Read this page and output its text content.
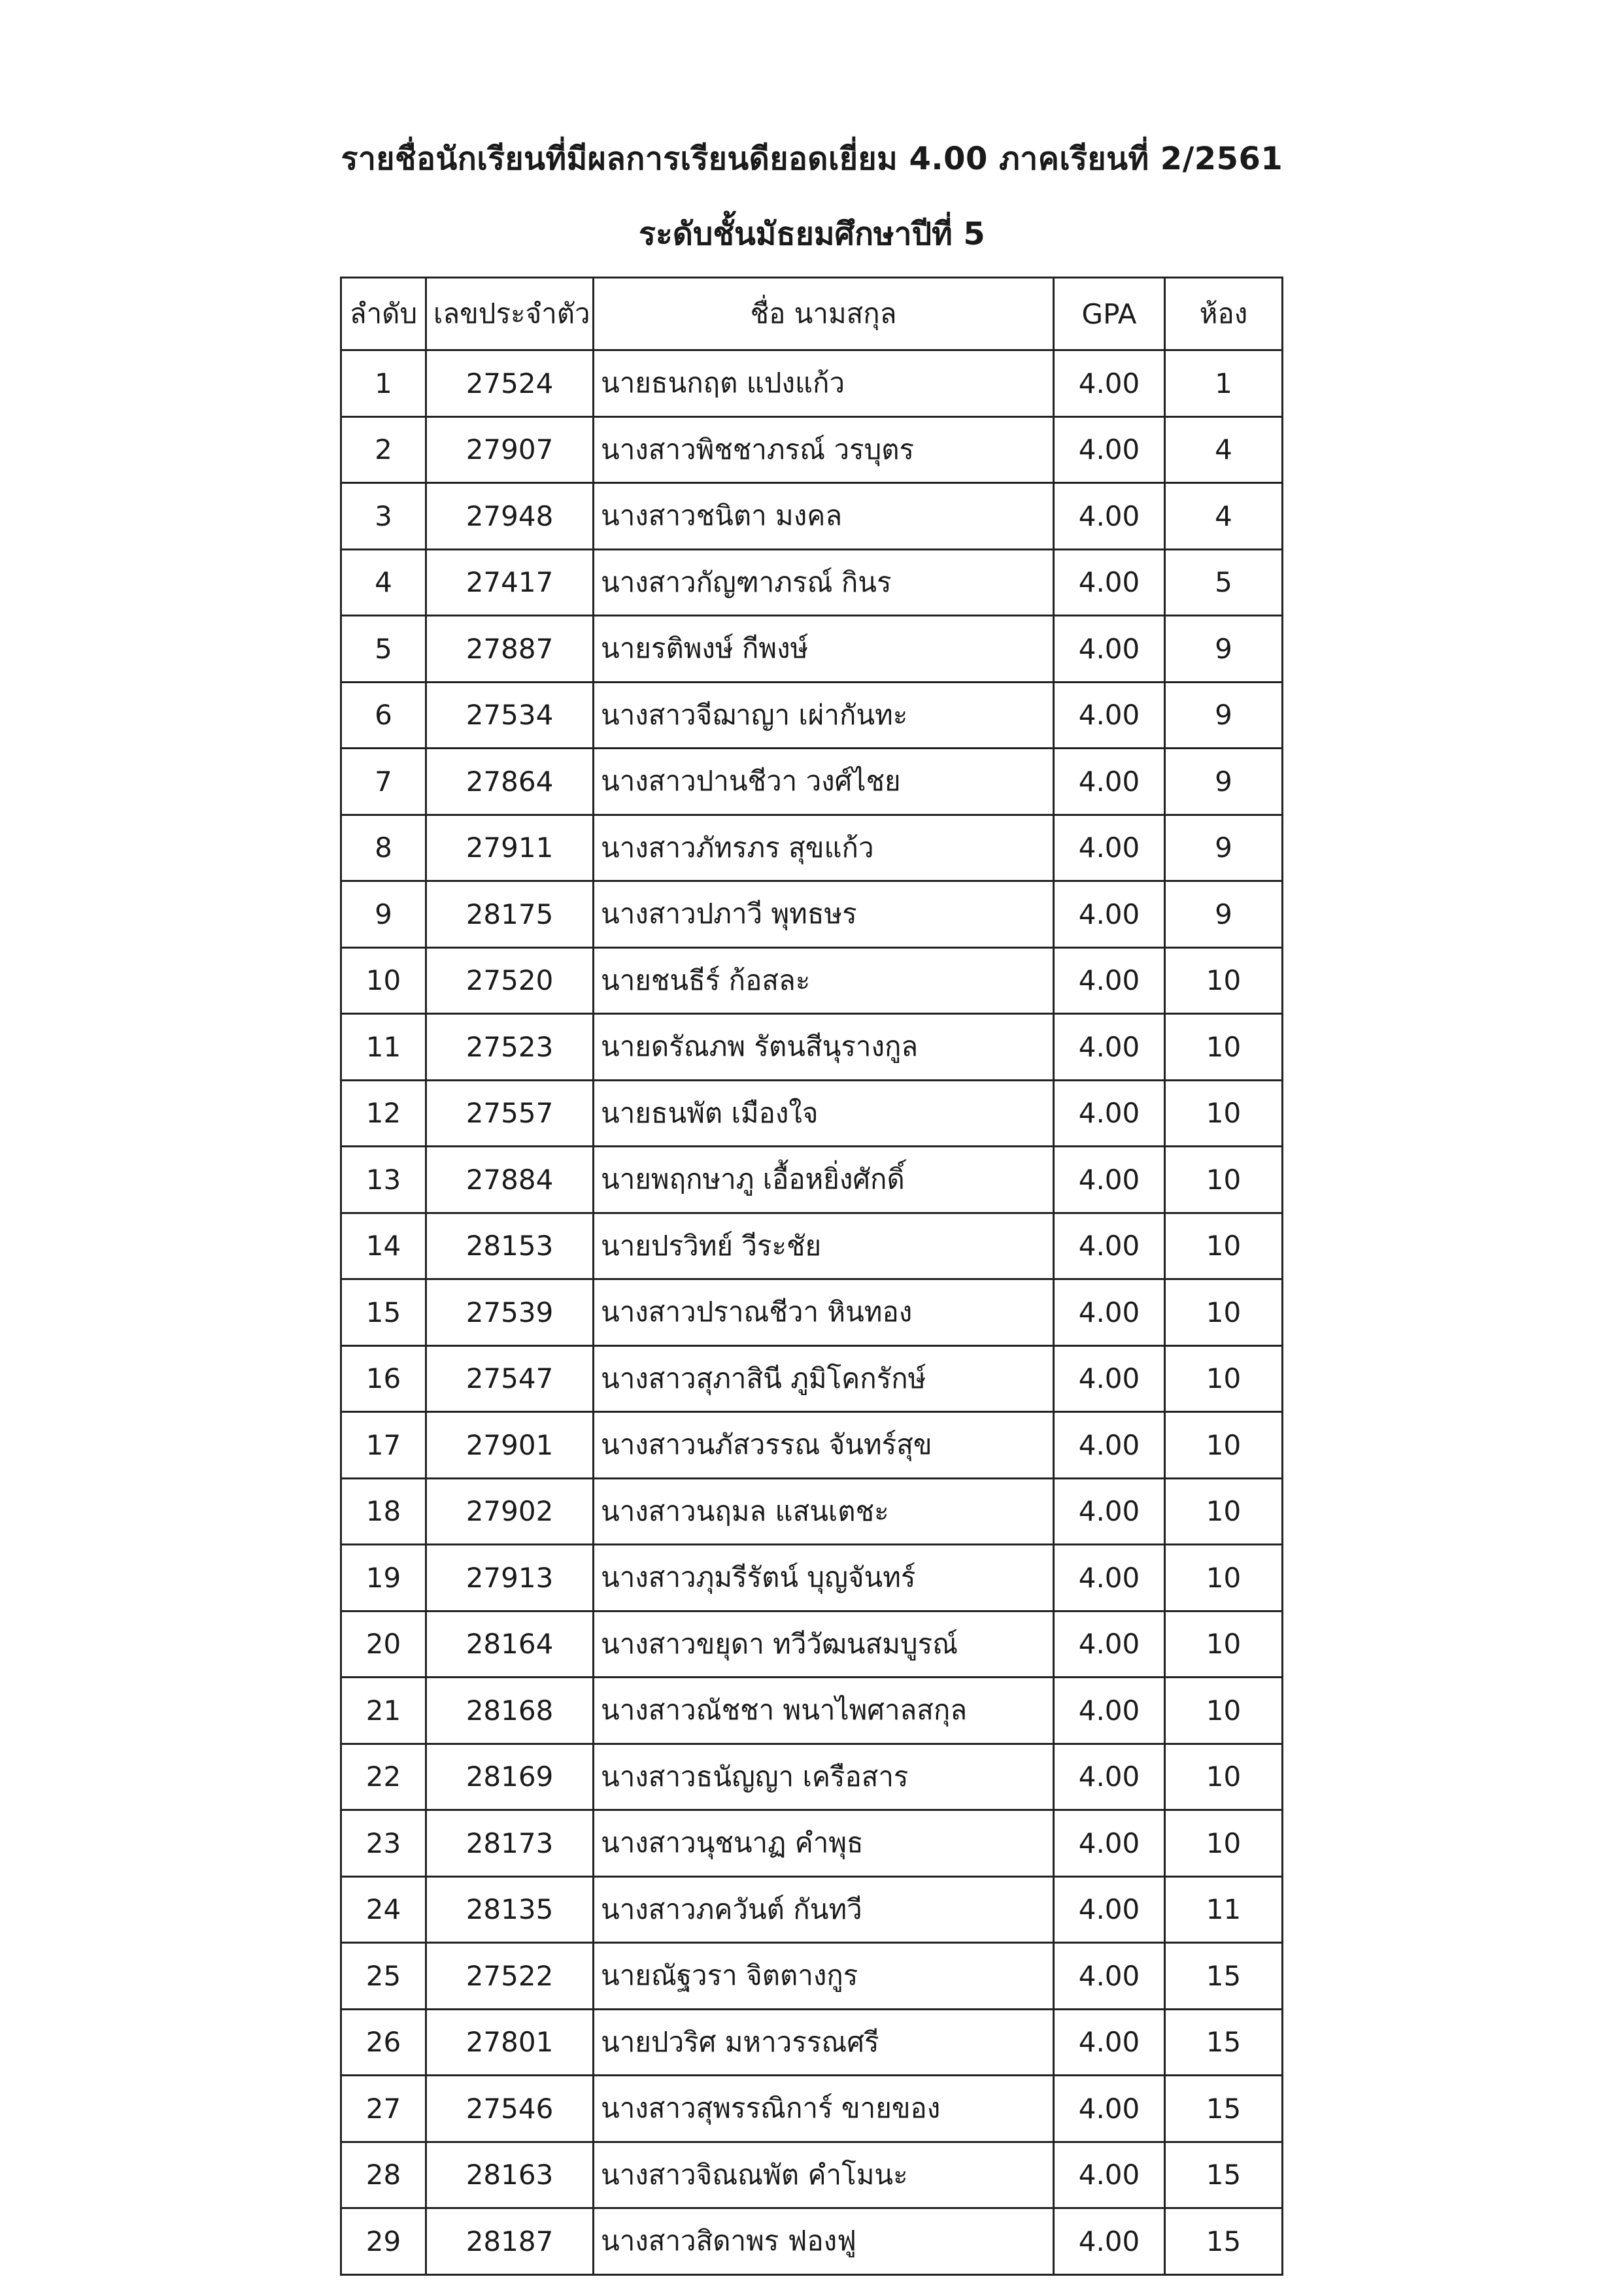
รายชื่อนักเรียนที่มีผลการเรียนดียอดเยี่ยม 4.00 ภาคเรียนที่ 2/2561
ระดับชั้นมัธยมศึกษาปีที่ 5
ลำดับ	เลขประจำตัว	ชื่อ นามสกุล	GPA	ห้อง
1	27524	นายธนกฤต แปงแก้ว	4.00	1
2	27907	นางสาวพิชชาภรณ์ วรบุตร	4.00	4
3	27948	นางสาวชนิตา มงคล	4.00	4
4	27417	นางสาวกัญฑาภรณ์ กินร	4.00	5
5	27887	นายรติพงษ์ กีพงษ์	4.00	9
6	27534	นางสาวจีฌาญา เผ่ากันทะ	4.00	9
7	27864	นางสาวปานชีวา วงศ์ไชย	4.00	9
8	27911	นางสาวภัทรภร สุขแก้ว	4.00	9
9	28175	นางสาวปภาวี พุทธษร	4.00	9
10	27520	นายชนธีร์ ก้อสละ	4.00	10
11	27523	นายดรัณภพ รัตนสีนุรางกูล	4.00	10
12	27557	นายธนพัต เมืองใจ	4.00	10
13	27884	นายพฤกษาภู เอื้อหยิ่งศักดิ์	4.00	10
14	28153	นายปรวิทย์ วีระชัย	4.00	10
15	27539	นางสาวปราณชีวา หินทอง	4.00	10
16	27547	นางสาวสุภาสินี ภูมิโคกรักษ์	4.00	10
17	27901	นางสาวนภัสวรรณ จันทร์สุข	4.00	10
18	27902	นางสาวนฤมล แสนเตชะ	4.00	10
19	27913	นางสาวภุมรีรัตน์ บุญจันทร์	4.00	10
20	28164	นางสาวขยุดา ทวีวัฒนสมบูรณ์	4.00	10
21	28168	นางสาวณัชชา พนาไพศาลสกุล	4.00	10
22	28169	นางสาวธนัญญา เครือสาร	4.00	10
23	28173	นางสาวนุชนาฏ คำพุธ	4.00	10
24	28135	นางสาวภควันต์ กันทวี	4.00	11
25	27522	นายณัฐวรา จิตตางกูร	4.00	15
26	27801	นายปวริศ มหาวรรณศรี	4.00	15
27	27546	นางสาวสุพรรณิการ์ ขายของ	4.00	15
28	28163	นางสาวจิณณพัต คำโมนะ	4.00	15
29	28187	นางสาวสิดาพร ฟองฟู	4.00	15
